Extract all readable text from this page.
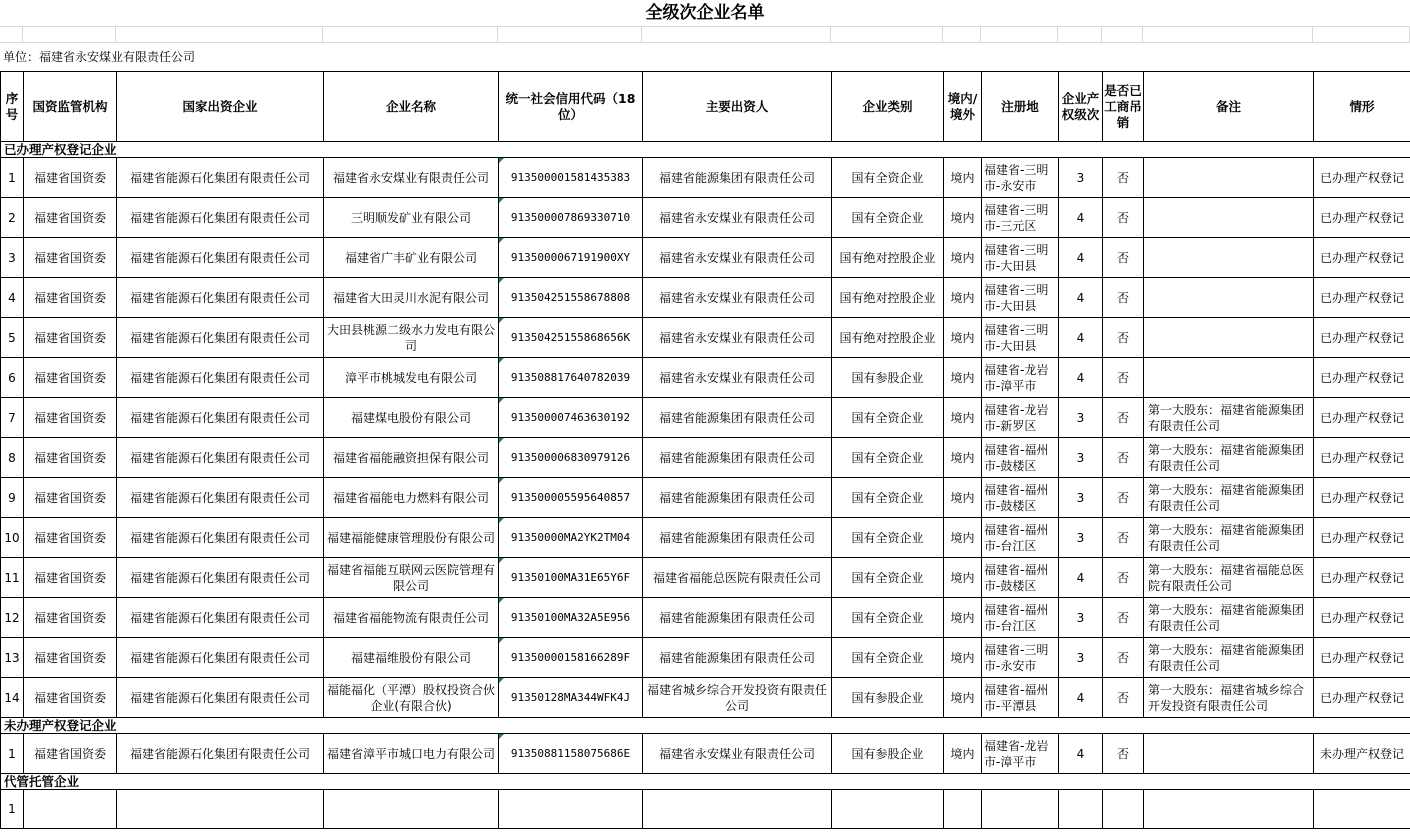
全级次企业名单
单位：福建省永安煤业有限责任公司
序号	国资监管机构	国家出资企业	企业名称	统一社会信用代码（18位）	主要出资人	企业类别	境内/境外	注册地	企业产权级次	是否已工商吊销	备注	情形
已办理产权登记企业												
1	福建省国资委	福建省能源石化集团有限责任公司	福建省永安煤业有限责任公司	913500001581435383	福建省能源集团有限责任公司	国有全资企业	境内	福建省-三明市-永安市	3	否		已办理产权登记
2	福建省国资委	福建省能源石化集团有限责任公司	三明顺发矿业有限公司	913500007869330710	福建省永安煤业有限责任公司	国有全资企业	境内	福建省-三明市-三元区	4	否		已办理产权登记
3	福建省国资委	福建省能源石化集团有限责任公司	福建省广丰矿业有限公司	9135000067191900XY	福建省永安煤业有限责任公司	国有绝对控股企业	境内	福建省-三明市-大田县	4	否		已办理产权登记
4	福建省国资委	福建省能源石化集团有限责任公司	福建省大田灵川水泥有限公司	913504251558678808	福建省永安煤业有限责任公司	国有绝对控股企业	境内	福建省-三明市-大田县	4	否		已办理产权登记
5	福建省国资委	福建省能源石化集团有限责任公司	大田县桃源二级水力发电有限公司	91350425155868656K	福建省永安煤业有限责任公司	国有绝对控股企业	境内	福建省-三明市-大田县	4	否		已办理产权登记
6	福建省国资委	福建省能源石化集团有限责任公司	漳平市桃城发电有限公司	913508817640782039	福建省永安煤业有限责任公司	国有参股企业	境内	福建省-龙岩市-漳平市	4	否		已办理产权登记
7	福建省国资委	福建省能源石化集团有限责任公司	福建煤电股份有限公司	913500007463630192	福建省能源集团有限责任公司	国有全资企业	境内	福建省-龙岩市-新罗区	3	否	第一大股东：福建省能源集团有限责任公司	已办理产权登记
8	福建省国资委	福建省能源石化集团有限责任公司	福建省福能融资担保有限公司	913500006830979126	福建省能源集团有限责任公司	国有全资企业	境内	福建省-福州市-鼓楼区	3	否	第一大股东：福建省能源集团有限责任公司	已办理产权登记
9	福建省国资委	福建省能源石化集团有限责任公司	福建省福能电力燃料有限公司	913500005595640857	福建省能源集团有限责任公司	国有全资企业	境内	福建省-福州市-鼓楼区	3	否	第一大股东：福建省能源集团有限责任公司	已办理产权登记
10	福建省国资委	福建省能源石化集团有限责任公司	福建福能健康管理股份有限公司	91350000MA2YK2TM04	福建省能源集团有限责任公司	国有全资企业	境内	福建省-福州市-台江区	3	否	第一大股东：福建省能源集团有限责任公司	已办理产权登记
11	福建省国资委	福建省能源石化集团有限责任公司	福建省福能互联网云医院管理有限公司	91350100MA31E65Y6F	福建省福能总医院有限责任公司	国有全资企业	境内	福建省-福州市-鼓楼区	4	否	第一大股东：福建省福能总医院有限责任公司	已办理产权登记
12	福建省国资委	福建省能源石化集团有限责任公司	福建省福能物流有限责任公司	91350100MA32A5E956	福建省能源集团有限责任公司	国有全资企业	境内	福建省-福州市-台江区	3	否	第一大股东：福建省能源集团有限责任公司	已办理产权登记
13	福建省国资委	福建省能源石化集团有限责任公司	福建福维股份有限公司	91350000158166289F	福建省能源集团有限责任公司	国有全资企业	境内	福建省-三明市-永安市	3	否	第一大股东：福建省能源集团有限责任公司	已办理产权登记
14	福建省国资委	福建省能源石化集团有限责任公司	福能福化（平潭）股权投资合伙企业(有限合伙)	91350128MA344WFK4J	福建省城乡综合开发投资有限责任公司	国有参股企业	境内	福建省-福州市-平潭县	4	否	第一大股东：福建省城乡综合开发投资有限责任公司	已办理产权登记
未办理产权登记企业												
1	福建省国资委	福建省能源石化集团有限责任公司	福建省漳平市城口电力有限公司	91350881158075686E	福建省永安煤业有限责任公司	国有参股企业	境内	福建省-龙岩市-漳平市	4	否		未办理产权登记
代管托管企业												
1												
